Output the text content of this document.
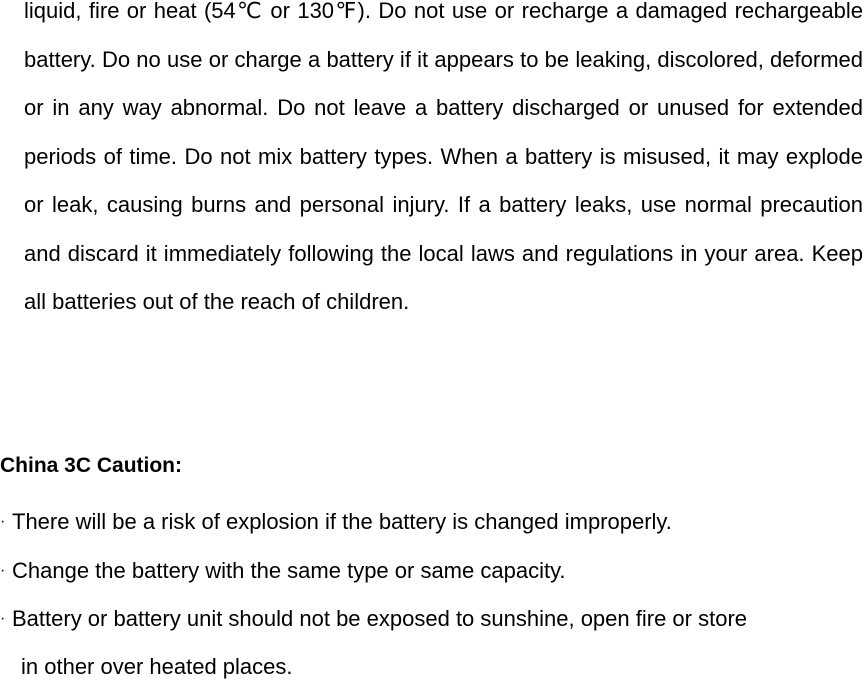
liquid, fire or heat (54℃ or 130℉). Do not use or recharge a damaged rechargeable battery. Do no use or charge a battery if it appears to be leaking, discolored, deformed or in any way abnormal. Do not leave a battery discharged or unused for extended periods of time. Do not mix battery types. When a battery is misused, it may explode or leak, causing burns and personal injury. If a battery leaks, use normal precaution and discard it immediately following the local laws and regulations in your area. Keep all batteries out of the reach of children.

China 3C Caution:
· There will be a risk of explosion if the battery is changed improperly.
· Change the battery with the same type or same capacity.
· Battery or battery unit should not be exposed to sunshine, open fire or store
in other over heated places.
